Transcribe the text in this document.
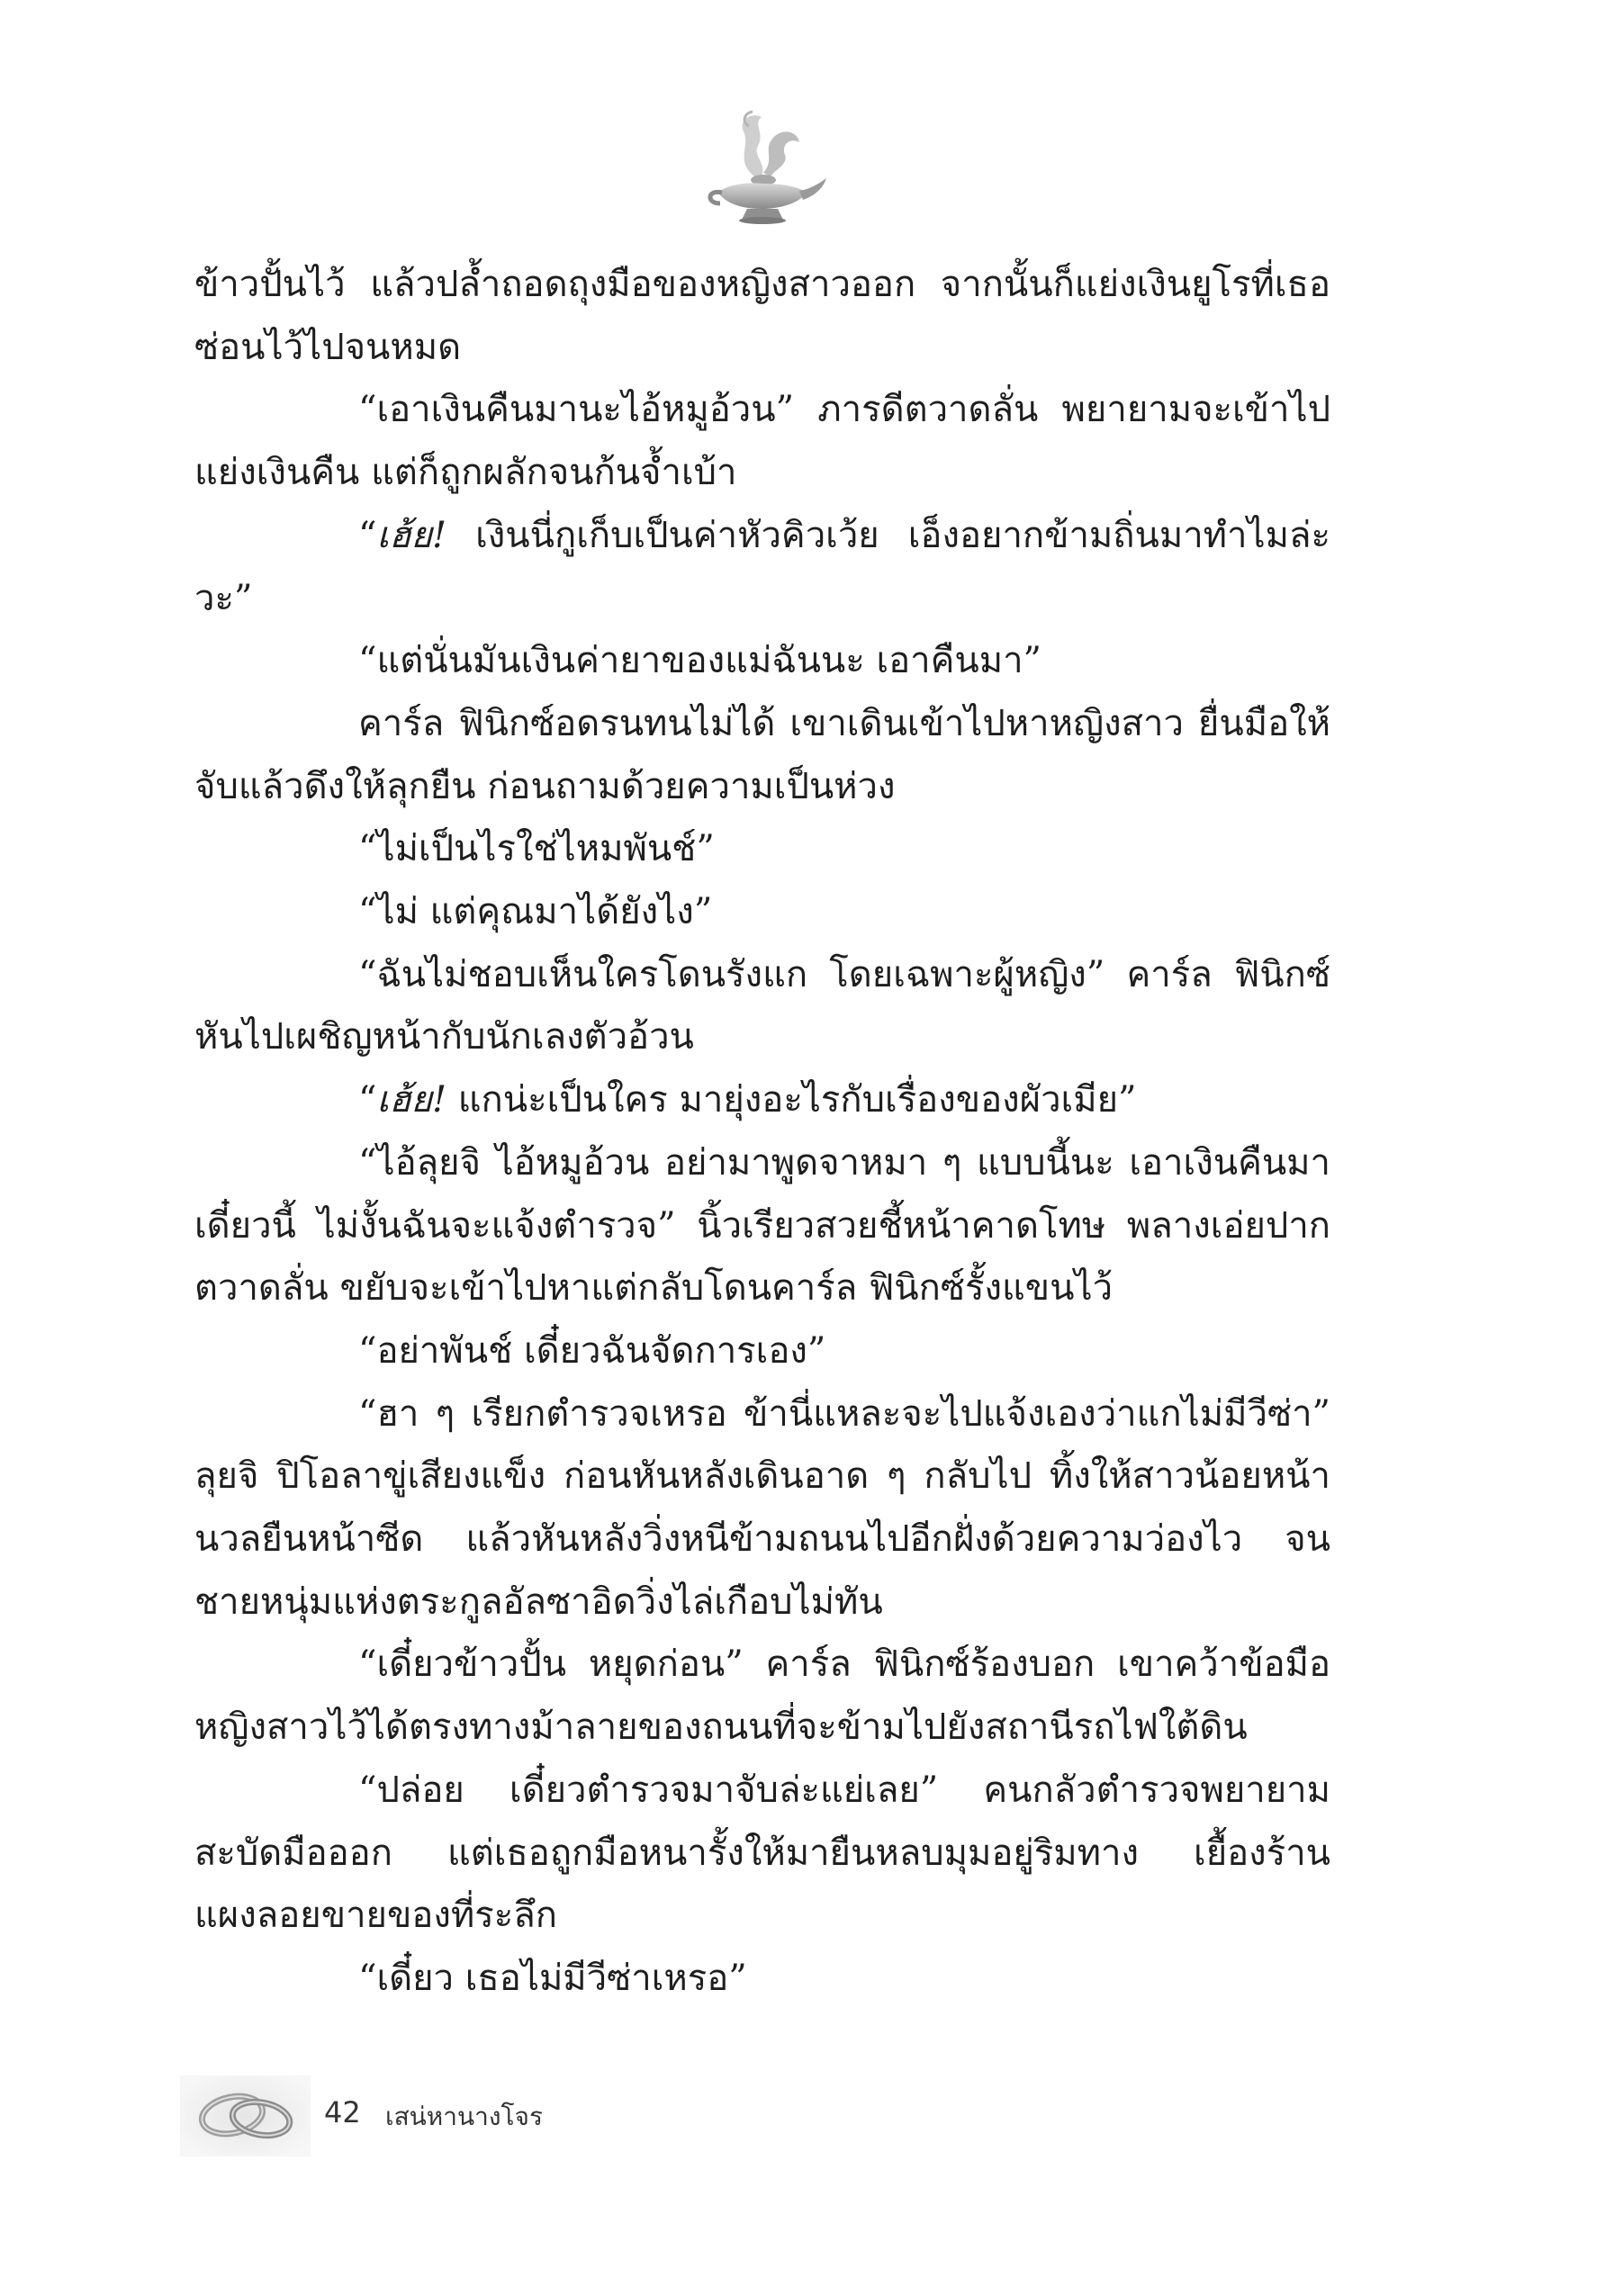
ข้าวปั้นไว้ แล้วปล้ำถอดถุงมือของหญิงสาวออก จากนั้นก็แย่งเงินยูโรที่เธอซ่อนไว้ไปจนหมด

“เอาเงินคืนมานะไอ้หมูอ้วน” ภารดีตวาดลั่น พยายามจะเข้าไปแย่งเงินคืน แต่ก็ถูกผลักจนก้นจ้ำเบ้า

“เฮ้ย! เงินนี่กูเก็บเป็นค่าหัวคิวเว้ย เอ็งอยากข้ามถิ่นมาทำไมล่ะวะ”

“แต่นั่นมันเงินค่ายาของแม่ฉันนะ เอาคืนมา”

คาร์ล ฟินิกซ์อดรนทนไม่ได้ เขาเดินเข้าไปหาหญิงสาว ยื่นมือให้จับแล้วดึงให้ลุกยืน ก่อนถามด้วยความเป็นห่วง

“ไม่เป็นไรใช่ไหมพันช์”

“ไม่ แต่คุณมาได้ยังไง”

“ฉันไม่ชอบเห็นใครโดนรังแก โดยเฉพาะผู้หญิง” คาร์ล ฟินิกซ์หันไปเผชิญหน้ากับนักเลงตัวอ้วน

“เฮ้ย! แกน่ะเป็นใคร มายุ่งอะไรกับเรื่องของผัวเมีย”

“ไอ้ลุยจิ ไอ้หมูอ้วน อย่ามาพูดจาหมา ๆ แบบนี้นะ เอาเงินคืนมาเดี๋ยวนี้ ไม่งั้นฉันจะแจ้งตำรวจ” นิ้วเรียวสวยชี้หน้าคาดโทษ พลางเอ่ยปากตวาดลั่น ขยับจะเข้าไปหาแต่กลับโดนคาร์ล ฟินิกซ์รั้งแขนไว้

“อย่าพันช์ เดี๋ยวฉันจัดการเอง”

“ฮา ๆ เรียกตำรวจเหรอ ข้านี่แหละจะไปแจ้งเองว่าแกไม่มีวีซ่า” ลุยจิ ปิโอลาขู่เสียงแข็ง ก่อนหันหลังเดินอาด ๆ กลับไป ทิ้งให้สาวน้อยหน้านวลยืนหน้าซีด แล้วหันหลังวิ่งหนีข้ามถนนไปอีกฝั่งด้วยความว่องไว จนชายหนุ่มแห่งตระกูลอัลซาอิดวิ่งไล่เกือบไม่ทัน

“เดี๋ยวข้าวปั้น หยุดก่อน” คาร์ล ฟินิกซ์ร้องบอก เขาคว้าข้อมือหญิงสาวไว้ได้ตรงทางม้าลายของถนนที่จะข้ามไปยังสถานีรถไฟใต้ดิน

“ปล่อย เดี๋ยวตำรวจมาจับล่ะแย่เลย” คนกลัวตำรวจพยายามสะบัดมือออก แต่เธอถูกมือหนารั้งให้มายืนหลบมุมอยู่ริมทาง เยื้องร้านแผงลอยขายของที่ระลึก

“เดี๋ยว เธอไม่มีวีซ่าเหรอ”

42 เสน่หานางโจร
